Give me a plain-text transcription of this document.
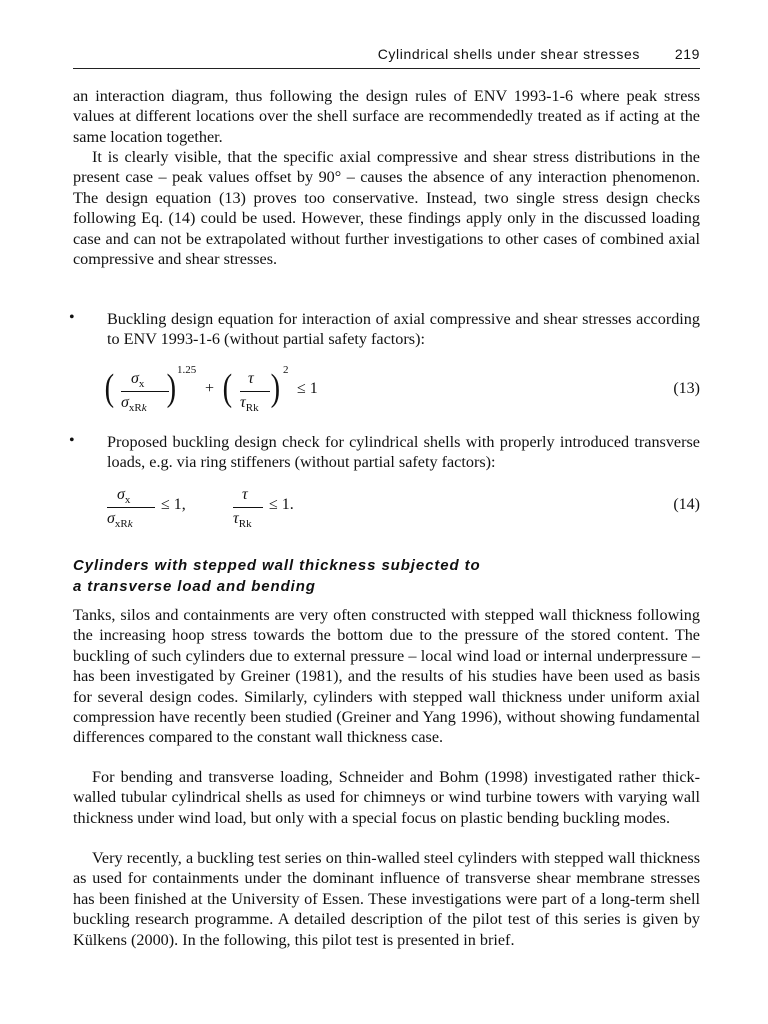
Cylindrical shells under shear stresses 219

an interaction diagram, thus following the design rules of ENV 1993-1-6 where peak stress values at different locations over the shell surface are recommendedly treated as if acting at the same location together.

It is clearly visible, that the specific axial compressive and shear stress distributions in the present case – peak values offset by 90° – causes the absence of any interaction phenomenon. The design equation (13) proves too conservative. Instead, two single stress design checks following Eq. (14) could be used. However, these findings apply only in the discussed loading case and can not be extrapolated without further investigations to other cases of combined axial compressive and shear stresses.

• Buckling design equation for interaction of axial compressive and shear stresses according to ENV 1993-1-6 (without partial safety factors):

( $\sigma_x$
$\sigma_{xRk}$ ) 1.25
+ ( τ
$\tau_{Rk}$ ) 2
≤ 1	(13)
• Proposed buckling design check for cylindrical shells with properly introduced transverse loads, e.g. via ring stiffeners (without partial safety factors):

$\sigma_x$
$\sigma_{xRk}$
≤ 1,
τ
$\tau_{Rk}$
≤ 1.	(14)
Cylinders with stepped wall thickness subjected to
a transverse load and bending

Tanks, silos and containments are very often constructed with stepped wall thickness following the increasing hoop stress towards the bottom due to the pressure of the stored content. The buckling of such cylinders due to external pressure – local wind load or internal underpressure – has been investigated by Greiner (1981), and the results of his studies have been used as basis for several design codes. Similarly, cylinders with stepped wall thickness under uniform axial compression have recently been studied (Greiner and Yang 1996), without showing fundamental differences compared to the constant wall thickness case.

For bending and transverse loading, Schneider and Bohm (1998) investigated rather thick-walled tubular cylindrical shells as used for chimneys or wind turbine towers with varying wall thickness under wind load, but only with a special focus on plastic bending buckling modes.

Very recently, a buckling test series on thin-walled steel cylinders with stepped wall thickness as used for containments under the dominant influence of transverse shear membrane stresses has been finished at the University of Essen. These investigations were part of a long-term shell buckling research programme. A detailed description of the pilot test of this series is given by Külkens (2000). In the following, this pilot test is presented in brief.
